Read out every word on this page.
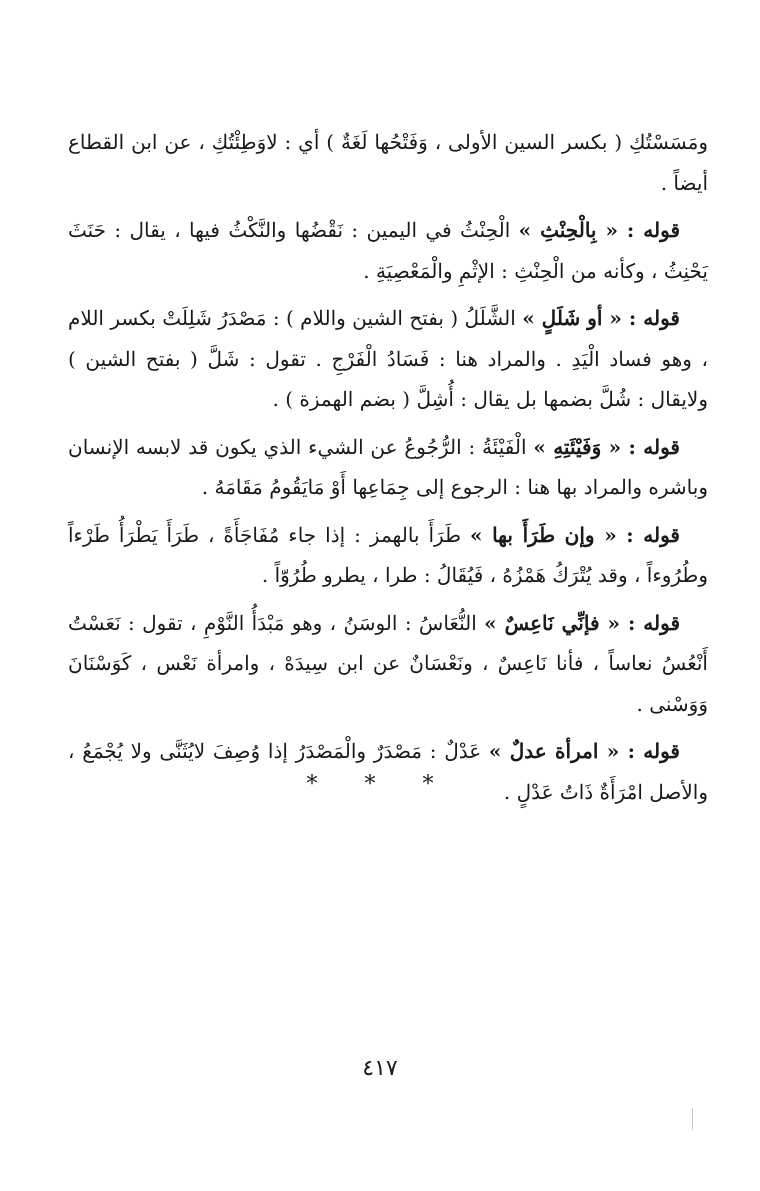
ومَسَسْتُكِ ( بكسر السين الأولى ، وَفَتْحُها لَغَةٌ ) أي : لاوَطِئْتُكِ ، عن ابن القطاع أيضاً .

قوله : « بِالْحِنْثِ » الْحِنْثُ في اليمين : نَقْضُها والنَّكْثُ فيها ، يقال : حَنَثَ يَحْنِثُ ، وكأنه من الْحِنْثِ : الإثْمِ والْمَعْصِيَةِ .

قوله : « أو شَلَلٍ » الشَّلَلُ ( بفتح الشين واللام ) : مَصْدَرُ شَلِلَتْ بكسر اللام ، وهو فساد الْيَدِ . والمراد هنا : فَسَادُ الْفَرْجِ . تقول : شَلَّ ( بفتح الشين ) ولايقال : شُلَّ بضمها بل يقال : أُشِلَّ ( بضم الهمزة ) .

قوله : « وَفَيْئَتِهِ » الْفَيْئَةُ : الرُّجُوعُ عن الشيء الذي يكون قد لابسه الإنسان وباشره والمراد بها هنا : الرجوع إلى جِمَاعِها أَوْ مَايَقُومُ مَقَامَهُ .

قوله : « وإن طَرَأَ بها » طَرَأَ بالهمز : إذا جاء مُفَاجَأَةً ، طَرَأَ يَطْرَأُ طَرْءاً وطُرُوءاً ، وقد يُتْرَكُ هَمْزُهُ ، فَيُقَالُ : طرا ، يطرو طُرُوّاً .

قوله : « فإنِّي نَاعِسٌ » النُّعَاسُ : الوسَنُ ، وهو مَبْدَأُ النَّوْمِ ، تقول : نَعَسْتُ أَنْعُسُ نعاساً ، فأنا نَاعِسٌ ، ونَعْسَانٌ عن ابن سِيدَهْ ، وامرأة نَعْس ، كَوَسْنَانَ وَوَسْنى .

قوله : « امرأة عدلٌ » عَدْلٌ : مَصْدَرٌ والْمَصْدَرُ إذا وُصِفَ لايُثَنَّى ولا يُجْمَعُ ، والأصل امْرَأَةٌ ذَاتُ عَدْلٍ .

* * *
٤١٧
